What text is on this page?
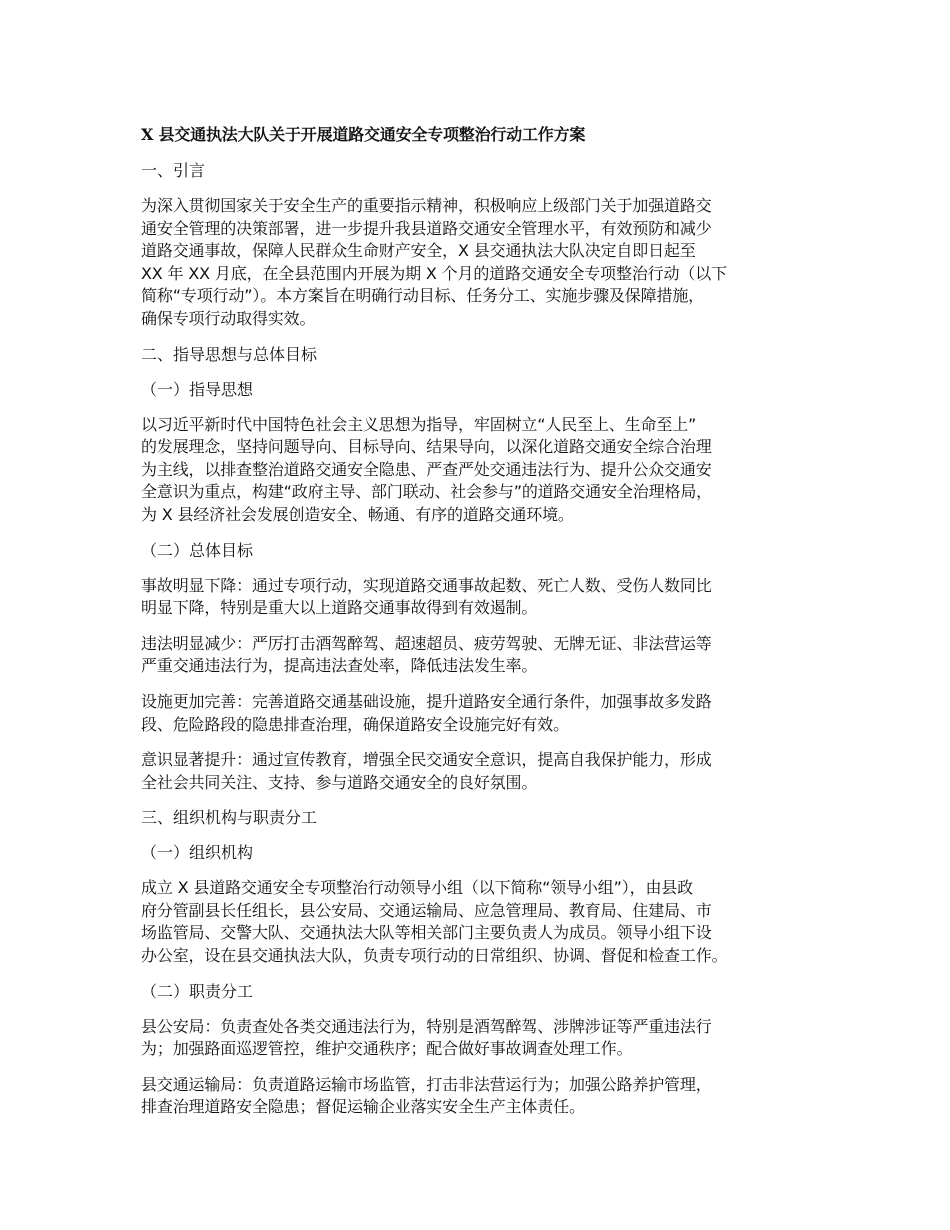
X 县交通执法大队关于开展道路交通安全专项整治行动工作方案
一、引言
为深入贯彻国家关于安全生产的重要指示精神，积极响应上级部门关于加强道路交
通安全管理的决策部署，进一步提升我县道路交通安全管理水平，有效预防和减少
道路交通事故，保障人民群众生命财产安全，X 县交通执法大队决定自即日起至
XX 年 XX 月底，在全县范围内开展为期 X 个月的道路交通安全专项整治行动（以下
简称“专项行动”）。本方案旨在明确行动目标、任务分工、实施步骤及保障措施，
确保专项行动取得实效。
二、指导思想与总体目标
（一）指导思想
以习近平新时代中国特色社会主义思想为指导，牢固树立“人民至上、生命至上”
的发展理念，坚持问题导向、目标导向、结果导向，以深化道路交通安全综合治理
为主线，以排查整治道路交通安全隐患、严查严处交通违法行为、提升公众交通安
全意识为重点，构建“政府主导、部门联动、社会参与”的道路交通安全治理格局，
为 X 县经济社会发展创造安全、畅通、有序的道路交通环境。
（二）总体目标
事故明显下降：通过专项行动，实现道路交通事故起数、死亡人数、受伤人数同比
明显下降，特别是重大以上道路交通事故得到有效遏制。
违法明显减少：严厉打击酒驾醉驾、超速超员、疲劳驾驶、无牌无证、非法营运等
严重交通违法行为，提高违法查处率，降低违法发生率。
设施更加完善：完善道路交通基础设施，提升道路安全通行条件，加强事故多发路
段、危险路段的隐患排查治理，确保道路安全设施完好有效。
意识显著提升：通过宣传教育，增强全民交通安全意识，提高自我保护能力，形成
全社会共同关注、支持、参与道路交通安全的良好氛围。
三、组织机构与职责分工
（一）组织机构
成立 X 县道路交通安全专项整治行动领导小组（以下简称“领导小组”），由县政
府分管副县长任组长，县公安局、交通运输局、应急管理局、教育局、住建局、市
场监管局、交警大队、交通执法大队等相关部门主要负责人为成员。领导小组下设
办公室，设在县交通执法大队，负责专项行动的日常组织、协调、督促和检查工作。
（二）职责分工
县公安局：负责查处各类交通违法行为，特别是酒驾醉驾、涉牌涉证等严重违法行
为；加强路面巡逻管控，维护交通秩序；配合做好事故调查处理工作。
县交通运输局：负责道路运输市场监管，打击非法营运行为；加强公路养护管理，
排查治理道路安全隐患；督促运输企业落实安全生产主体责任。
